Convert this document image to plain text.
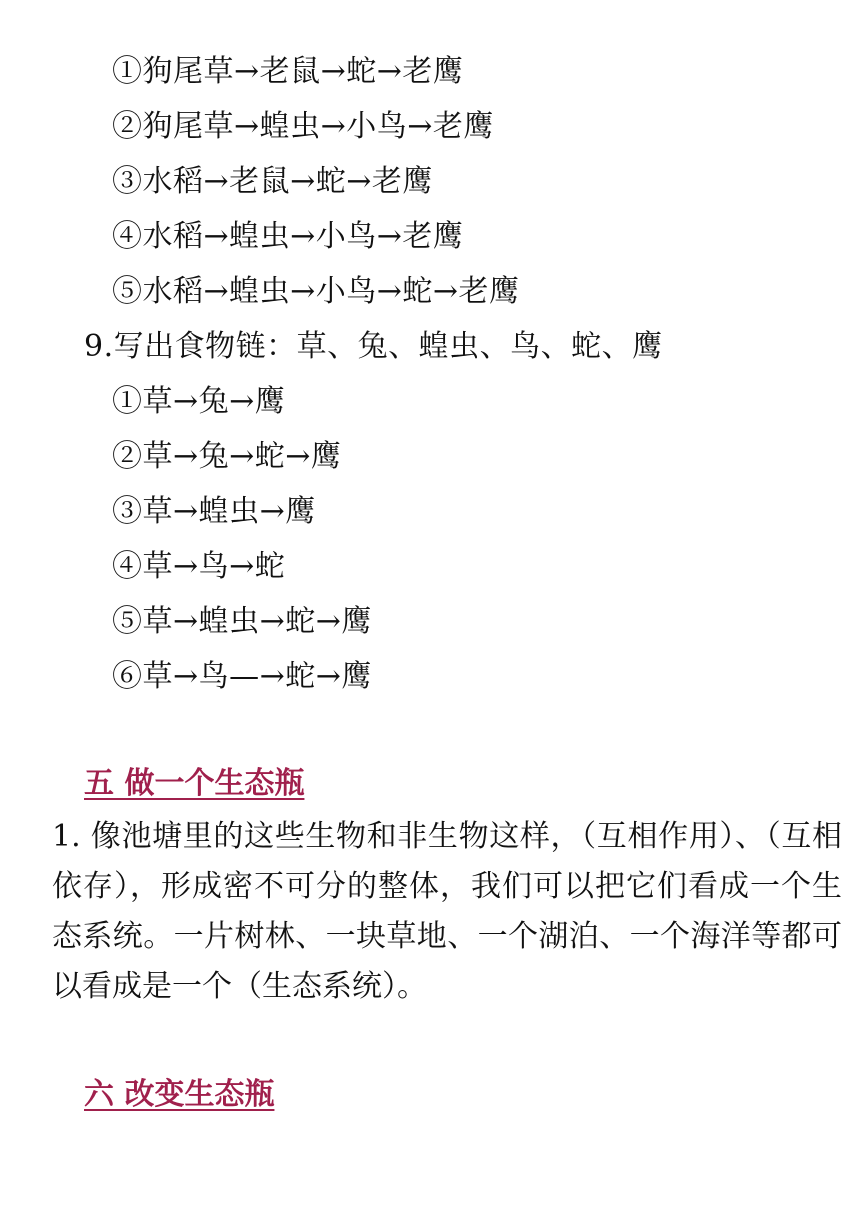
①狗尾草→老鼠→蛇→老鹰
②狗尾草→蝗虫→小鸟→老鹰
③水稻→老鼠→蛇→老鹰
④水稻→蝗虫→小鸟→老鹰
⑤水稻→蝗虫→小鸟→蛇→老鹰
9.写出食物链：草、兔、蝗虫、鸟、蛇、鹰
①草→兔→鹰
②草→兔→蛇→鹰
③草→蝗虫→鹰
④草→鸟→蛇
⑤草→蝗虫→蛇→鹰
⑥草→鸟—→蛇→鹰
五 做一个生态瓶
1. 像池塘里的这些生物和非生物这样，（互相作用）、（互相依存），形成密不可分的整体，我们可以把它们看成一个生态系统。一片树林、一块草地、一个湖泊、一个海洋等都可以看成是一个（生态系统）。
六 改变生态瓶
